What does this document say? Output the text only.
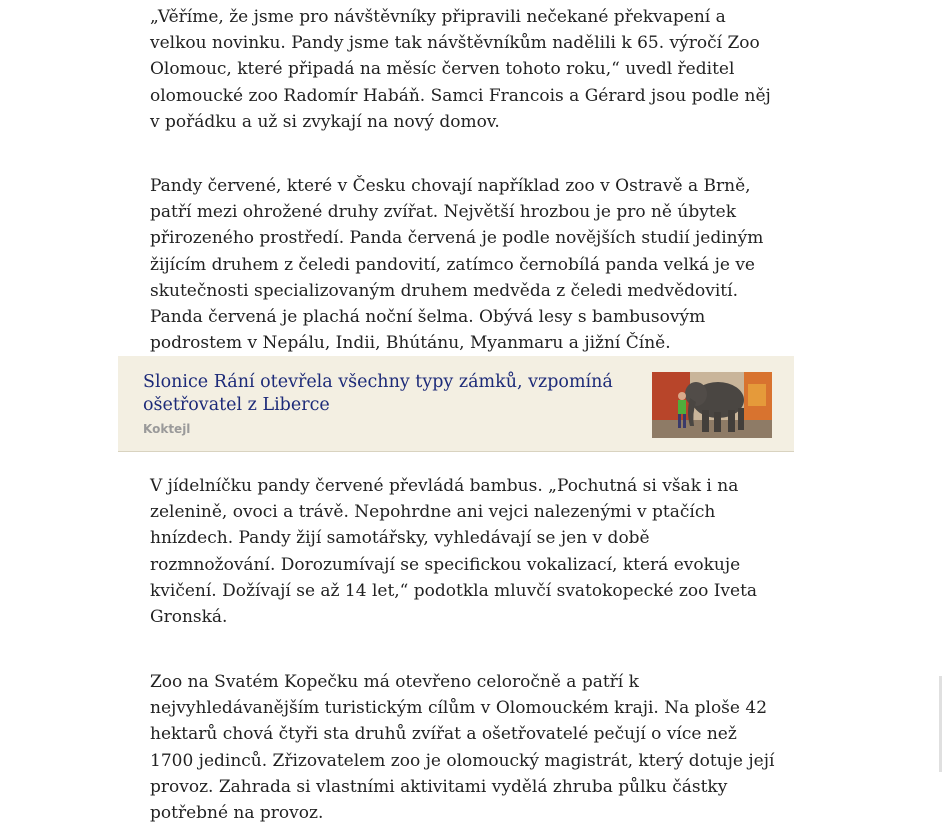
„Věříme, že jsme pro návštěvníky připravili nečekané překvapení a velkou novinku. Pandy jsme tak návštěvníkům nadělili k 65. výročí Zoo Olomouc, které připadá na měsíc červen tohoto roku,“ uvedl ředitel olomoucké zoo Radomír Habáň. Samci Francois a Gérard jsou podle něj v pořádku a už si zvykají na nový domov.

Pandy červené, které v Česku chovají například zoo v Ostravě a Brně, patří mezi ohrožené druhy zvířat. Největší hrozbou je pro ně úbytek přirozeného prostředí. Panda červená je podle novějších studií jediným žijícím druhem z čeledi pandovití, zatímco černobílá panda velká je ve skutečnosti specializovaným druhem medvěda z čeledi medvědovití. Panda červená je plachá noční šelma. Obývá lesy s bambusovým podrostem v Nepálu, Indii, Bhútánu, Myanmaru a jižní Číně.

Slonice Rání otevřela všechny typy zámků, vzpomíná ošetřovatel z Liberce
Koktejl

V jídelníčku pandy červené převládá bambus. „Pochutná si však i na zelenině, ovoci a trávě. Nepohrdne ani vejci nalezenými v ptačích hnízdech. Pandy žijí samotářsky, vyhledávají se jen v době rozmnožování. Dorozumívají se specifickou vokalizací, která evokuje kvičení. Dožívají se až 14 let,“ podotkla mluvčí svatokopecké zoo Iveta Gronská.

Zoo na Svatém Kopečku má otevřeno celoročně a patří k nejvyhledávanějším turistickým cílům v Olomouckém kraji. Na ploše 42 hektarů chová čtyři sta druhů zvířat a ošetřovatelé pečují o více než 1700 jedinců. Zřizovatelem zoo je olomoucký magistrát, který dotuje její provoz. Zahrada si vlastními aktivitami vydělá zhruba půlku částky potřebné na provoz.
